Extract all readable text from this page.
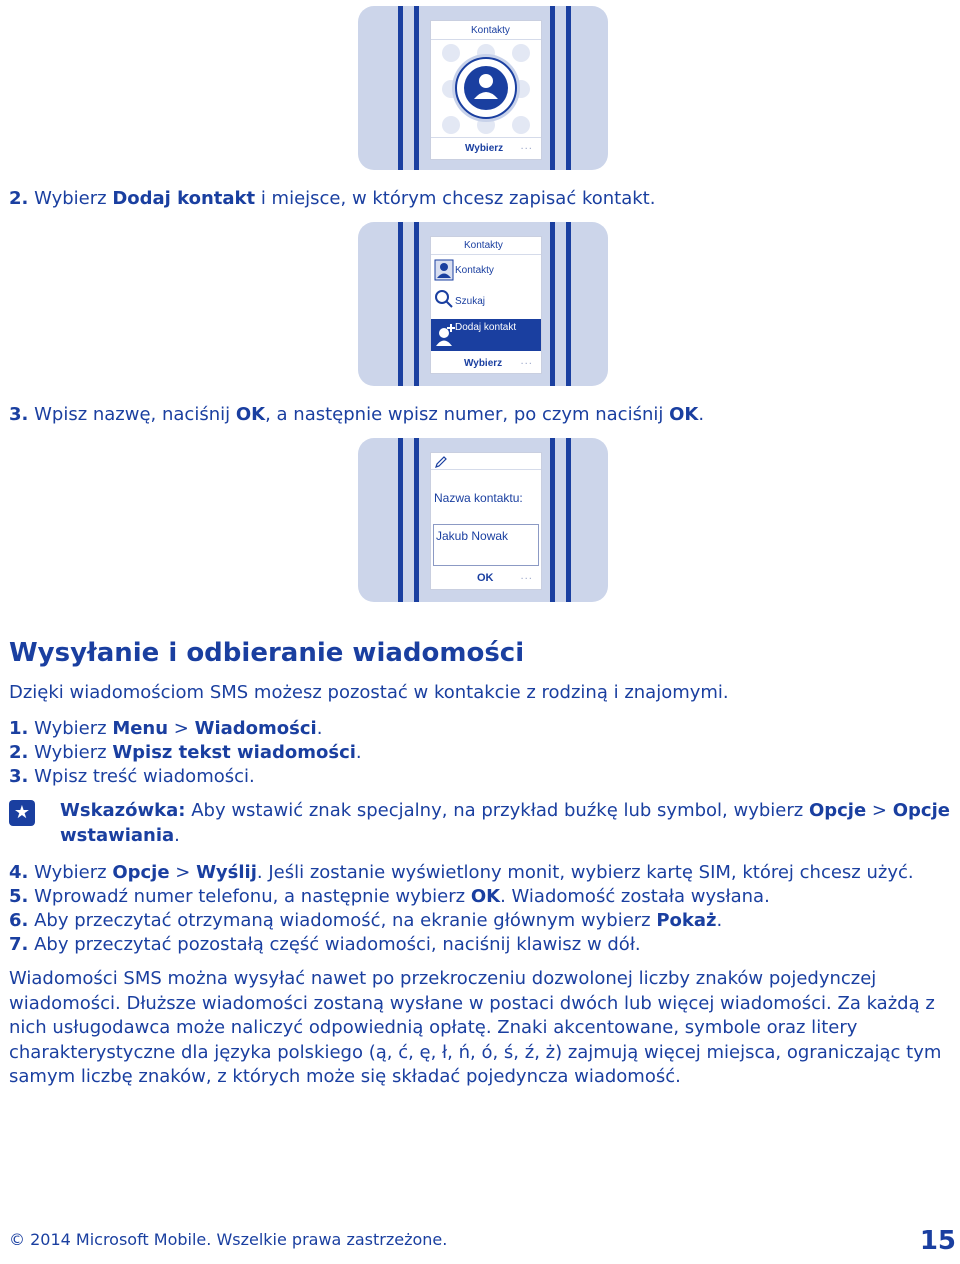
Kontakty
Wybierz ...
2. Wybierz Dodaj kontakt i miejsce, w którym chcesz zapisać kontakt.
Kontakty
Kontakty
Szukaj
Dodaj kontakt
Wybierz ...
3. Wpisz nazwę, naciśnij OK, a następnie wpisz numer, po czym naciśnij OK.
Nazwa kontaktu:
Jakub Nowak
OK	...
Wysyłanie i odbieranie wiadomości
Dzięki wiadomościom SMS możesz pozostać w kontakcie z rodziną i znajomymi.
1. Wybierz Menu > Wiadomości.
2. Wybierz Wpisz tekst wiadomości.
3. Wpisz treść wiadomości.
★ Wskazówka: Aby wstawić znak specjalny, na przykład buźkę lub symbol, wybierz Opcje > Opcje wstawiania.
4. Wybierz Opcje > Wyślij. Jeśli zostanie wyświetlony monit, wybierz kartę SIM, której chcesz użyć.
5. Wprowadź numer telefonu, a następnie wybierz OK. Wiadomość została wysłana.
6. Aby przeczytać otrzymaną wiadomość, na ekranie głównym wybierz Pokaż.
7. Aby przeczytać pozostałą część wiadomości, naciśnij klawisz w dół.
Wiadomości SMS można wysyłać nawet po przekroczeniu dozwolonej liczby znaków pojedynczej wiadomości. Dłuższe wiadomości zostaną wysłane w postaci dwóch lub więcej wiadomości. Za każdą z nich usługodawca może naliczyć odpowiednią opłatę. Znaki akcentowane, symbole oraz litery charakterystyczne dla języka polskiego (ą, ć, ę, ł, ń, ó, ś, ź, ż) zajmują więcej miejsca, ograniczając tym samym liczbę znaków, z których może się składać pojedyncza wiadomość.
© 2014 Microsoft Mobile. Wszelkie prawa zastrzeżone.	15
